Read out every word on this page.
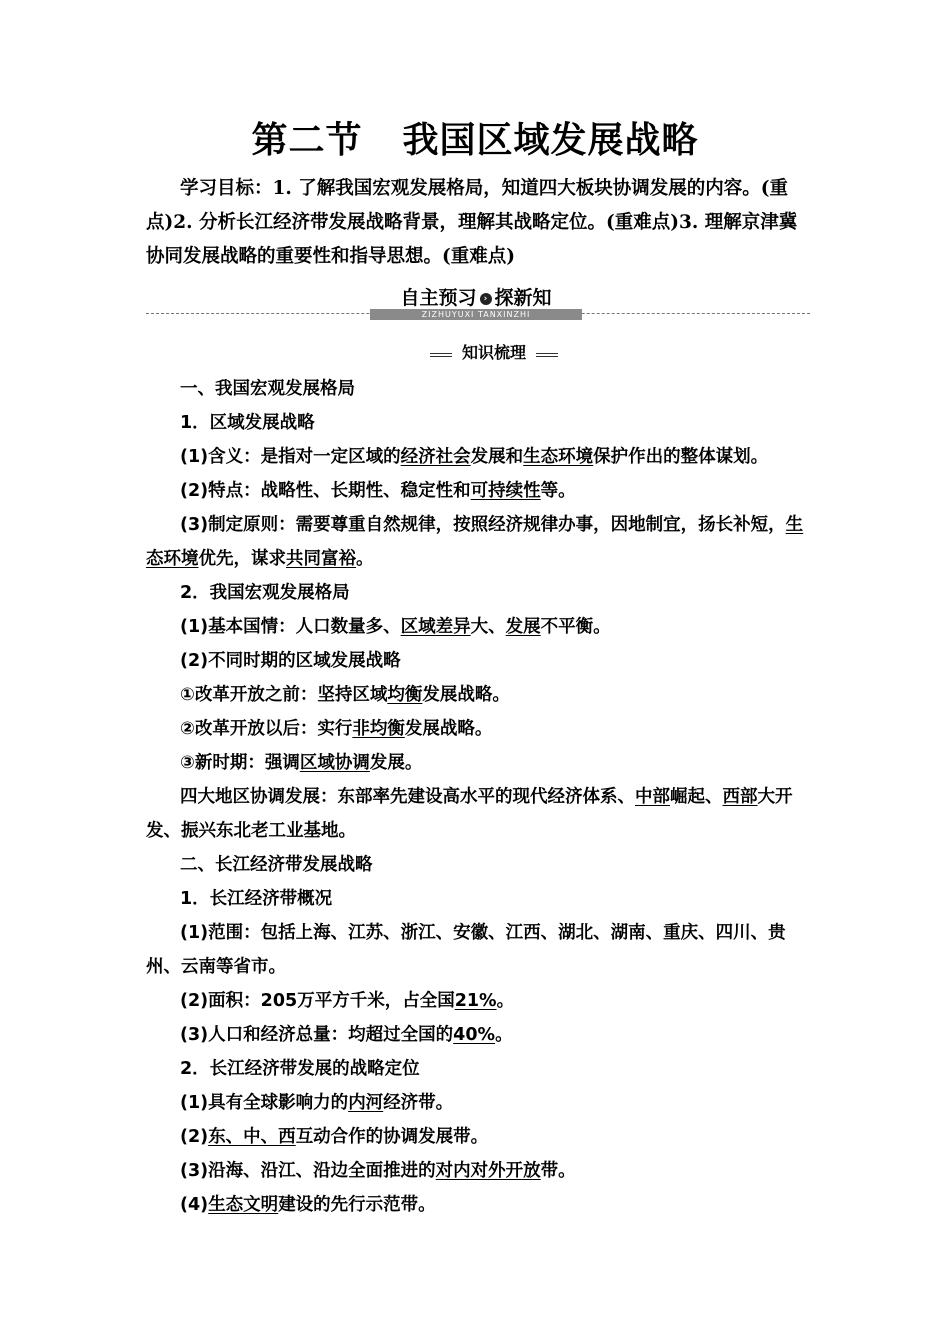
第二节 我国区域发展战略
学习目标：1. 了解我国宏观发展格局，知道四大板块协调发展的内容。(重点)2. 分析长江经济带发展战略背景，理解其战略定位。(重难点)3. 理解京津冀协同发展战略的重要性和指导思想。(重难点)
自主预习 › 探新知
ZIZHUYUXI TANXINZHI
知识梳理

一、我国宏观发展格局

1．区域发展战略

(1)含义：是指对一定区域的经济社会发展和生态环境保护作出的整体谋划。

(2)特点：战略性、长期性、稳定性和可持续性等。

(3)制定原则：需要尊重自然规律，按照经济规律办事，因地制宜，扬长补短，生态环境优先，谋求共同富裕。

2．我国宏观发展格局

(1)基本国情：人口数量多、区域差异大、发展不平衡。

(2)不同时期的区域发展战略

①改革开放之前：坚持区域均衡发展战略。

②改革开放以后：实行非均衡发展战略。

③新时期：强调区域协调发展。

四大地区协调发展：东部率先建设高水平的现代经济体系、中部崛起、西部大开发、振兴东北老工业基地。

二、长江经济带发展战略

1．长江经济带概况

(1)范围：包括上海、江苏、浙江、安徽、江西、湖北、湖南、重庆、四川、贵州、云南等省市。

(2)面积：205万平方千米，占全国21%。

(3)人口和经济总量：均超过全国的40%。

2．长江经济带发展的战略定位

(1)具有全球影响力的内河经济带。

(2)东、中、西互动合作的协调发展带。

(3)沿海、沿江、沿边全面推进的对内对外开放带。

(4)生态文明建设的先行示范带。
